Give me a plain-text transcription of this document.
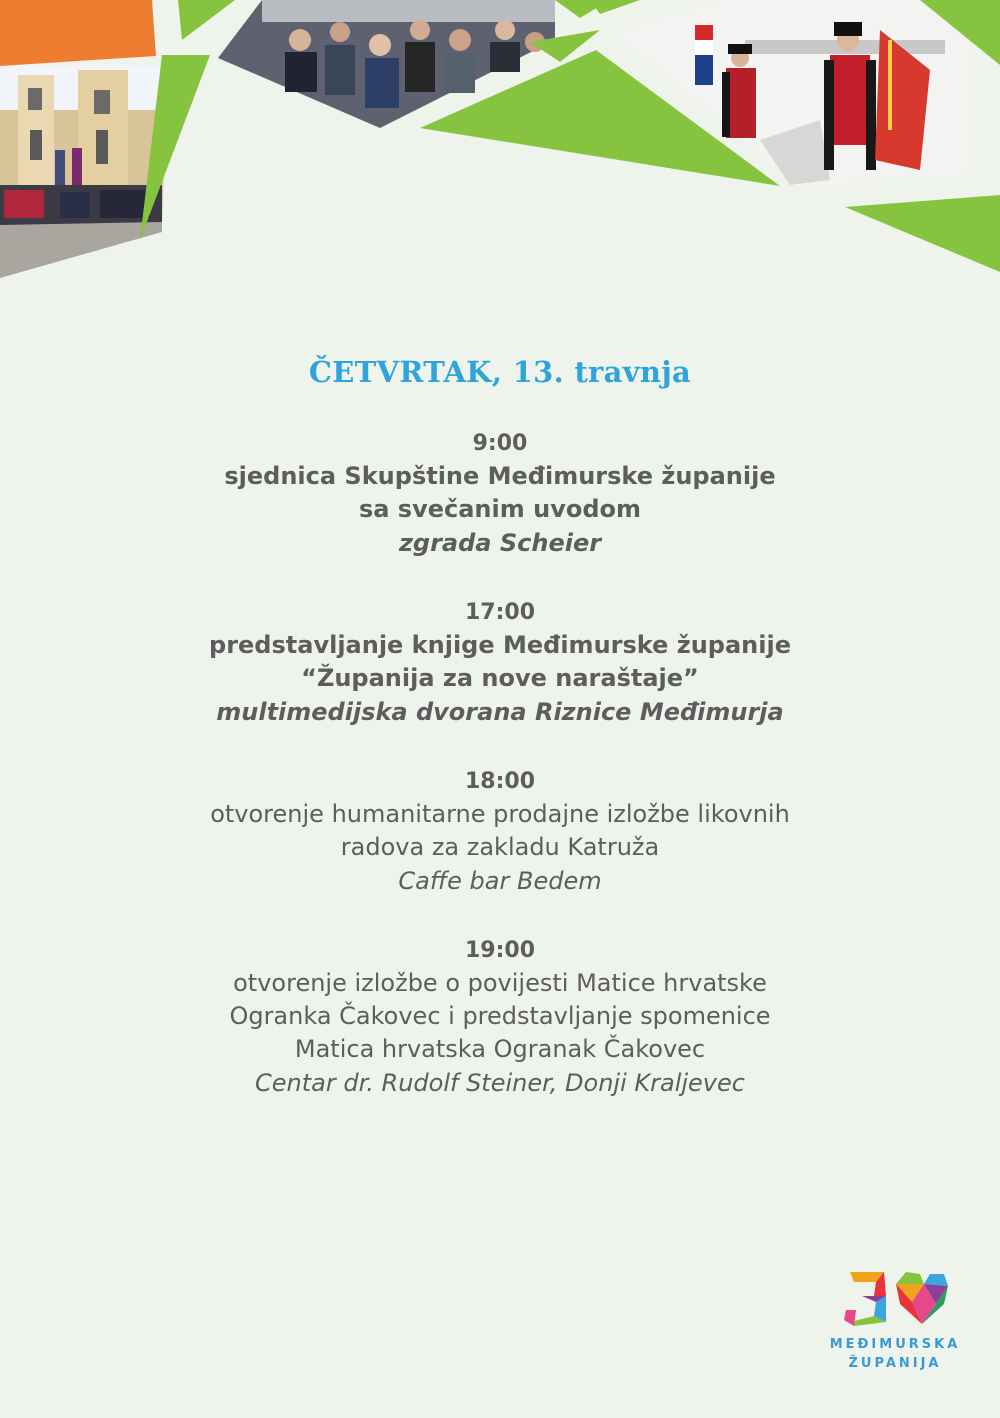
ČETVRTAK, 13. travnja
9:00
sjednica Skupštine Međimurske županije
sa svečanim uvodom
zgrada Scheier
17:00
predstavljanje knjige Međimurske županije
“Županija za nove naraštaje”
multimedijska dvorana Riznice Međimurja
18:00
otvorenje humanitarne prodajne izložbe likovnih
radova za zakladu Katruža
Caffe bar Bedem
19:00
otvorenje izložbe o povijesti Matice hrvatske
Ogranka Čakovec i predstavljanje spomenice
Matica hrvatska Ogranak Čakovec
Centar dr. Rudolf Steiner, Donji Kraljevec
MEĐIMURSKA
ŽUPANIJA
